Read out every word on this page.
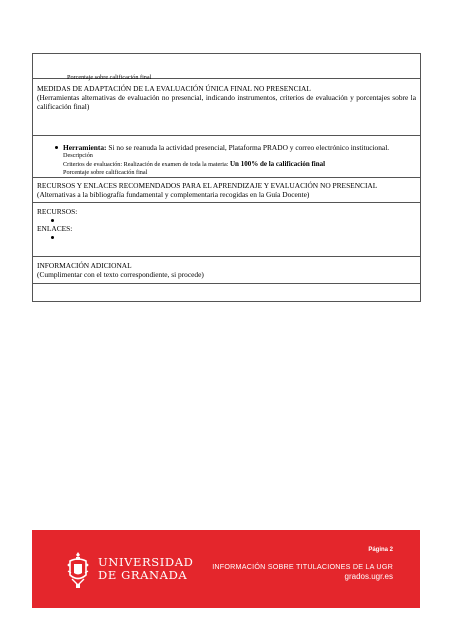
Porcentaje sobre calificación final
MEDIDAS DE ADAPTACIÓN DE LA EVALUACIÓN ÚNICA FINAL NO PRESENCIAL
(Herramientas alternativas de evaluación no presencial, indicando instrumentos, criterios de evaluación y porcentajes sobre la calificación final)
Herramienta: Si no se reanuda la actividad presencial, Plataforma PRADO y correo electrónico institucional.
Descripción
Criterios de evaluación: Realización de examen de toda la materia: Un 100% de la calificación final
Porcentaje sobre calificación final
RECURSOS Y ENLACES RECOMENDADOS PARA EL APRENDIZAJE Y EVALUACIÓN NO PRESENCIAL
(Alternativas a la bibliografía fundamental y complementaria recogidas en la Guía Docente)
RECURSOS:
ENLACES:
INFORMACIÓN ADICIONAL
(Cumplimentar con el texto correspondiente, si procede)
UNIVERSIDAD
DE GRANADA
Página 2
INFORMACIÓN SOBRE TITULACIONES DE LA UGR
grados.ugr.es
